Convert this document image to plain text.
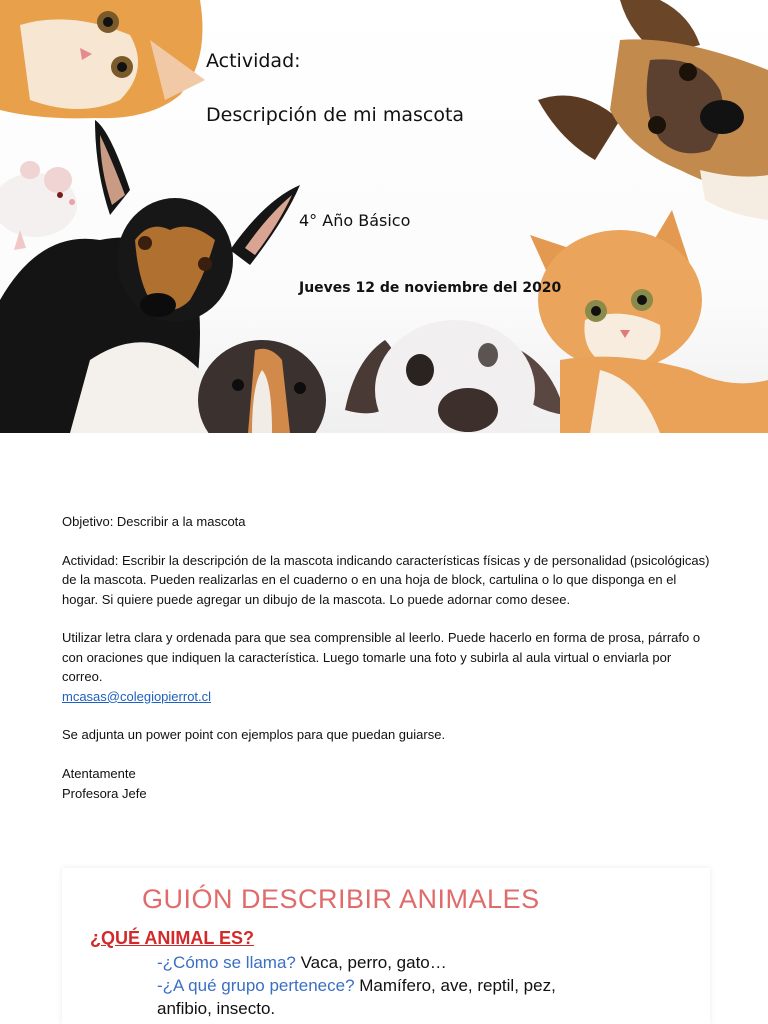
Actividad:
Descripción de mi mascota
4° Año Básico
Jueves 12 de noviembre del 2020

Objetivo: Describir a la mascota

Actividad: Escribir la descripción de la mascota indicando características físicas y de personalidad (psicológicas) de la mascota. Pueden realizarlas en el cuaderno o en una hoja de block, cartulina o lo que disponga en el hogar. Si quiere puede agregar un dibujo de la mascota. Lo puede adornar como desee.

Utilizar letra clara y ordenada para que sea comprensible al leerlo. Puede hacerlo en forma de prosa, párrafo o con oraciones que indiquen la característica. Luego tomarle una foto y subirla al aula virtual o enviarla por correo.

mcasas@colegiopierrot.cl

Se adjunta un power point con ejemplos para que puedan guiarse.

Atentamente

Profesora Jefe

GUIÓN DESCRIBIR ANIMALES
¿QUÉ ANIMAL ES?
-¿Cómo se llama? Vaca, perro, gato…
-¿A qué grupo pertenece? Mamífero, ave, reptil, pez,
anfibio, insecto.
